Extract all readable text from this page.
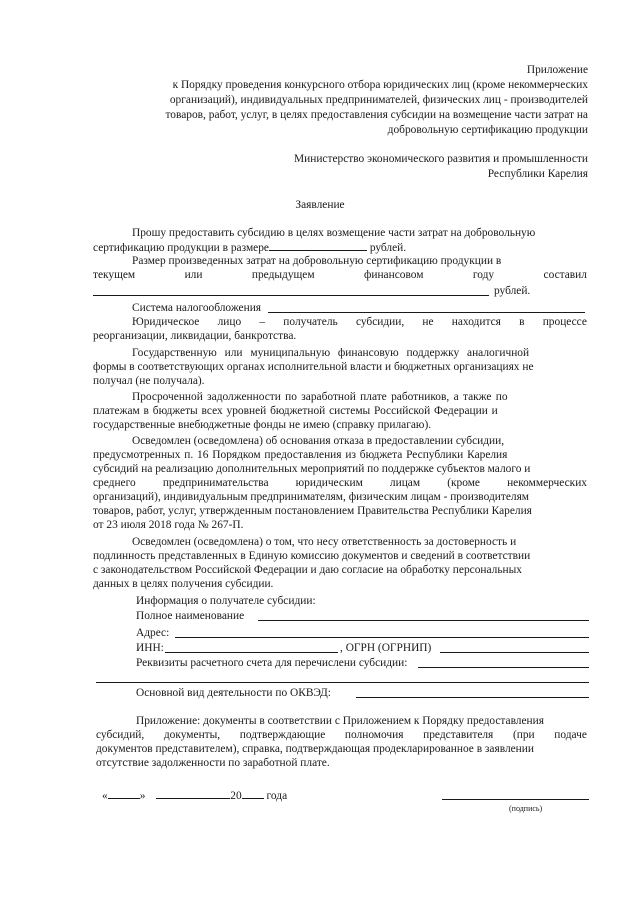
Приложение
к Порядку проведения конкурсного отбора юридических лиц (кроме некоммерческих
организаций), индивидуальных предпринимателей, физических лиц - производителей
товаров, работ, услуг, в целях предоставления субсидии на возмещение части затрат на
добровольную сертификацию продукции
Министерство экономического развития и промышленности
Республики Карелия
Заявление
Прошу предоставить субсидию в целях возмещение части затрат на добровольную
сертификацию продукции в размере	рублей.
Размер произведенных затрат на добровольную сертификацию продукции в
текущем	или	предыдущем	финансовом	году	составил
рублей.
Система налогообложения
Юридическое лицо – получатель субсидии, не находится в процессе
реорганизации, ликвидации, банкротства.
Государственную или муниципальную финансовую поддержку аналогичной
формы в соответствующих органах исполнительной власти и бюджетных организациях не
получал (не получала).
Просроченной задолженности по заработной плате работников, а также по
платежам в бюджеты всех уровней бюджетной системы Российской Федерации и
государственные внебюджетные фонды не имею (справку прилагаю).
Осведомлен (осведомлена) об основания отказа в предоставлении субсидии,
предусмотренных п. 16 Порядком предоставления из бюджета Республики Карелия
субсидий на реализацию дополнительных мероприятий по поддержке субъектов малого и
среднего предпринимательства юридическим лицам (кроме некоммерческих
организаций), индивидуальным предпринимателям, физическим лицам - производителям
товаров, работ, услуг, утвержденным постановлением Правительства Республики Карелия
от 23 июля 2018 года № 267-П.
Осведомлен (осведомлена) о том, что несу ответственность за достоверность и
подлинность представленных в Единую комиссию документов и сведений в соответствии
с законодательством Российской Федерации и даю согласие на обработку персональных
данных в целях получения субсидии.
Информация о получателе субсидии:
Полное наименование
Адрес:
ИНН:	, ОГРН (ОГРНИП)
Реквизиты расчетного счета для перечислени субсидии:
Основной вид деятельности по ОКВЭД:
Приложение: документы в соответствии с Приложением к Порядку предоставления
субсидий, документы, подтверждающие полномочия представителя (при подаче
документов представителем), справка, подтверждающая продекларированное в заявлении
отсутствие задолженности по заработной плате.
«	»	20 года
(подпись)
